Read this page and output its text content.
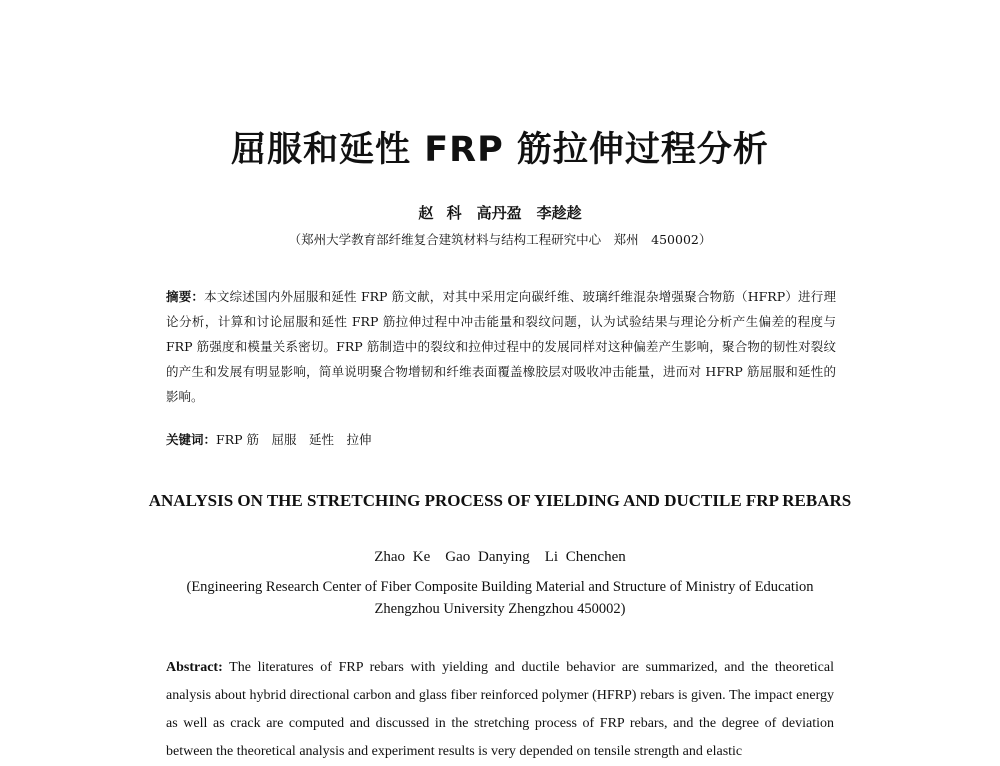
屈服和延性 FRP 筋拉伸过程分析
赵 科　高丹盈　李趁趁
（郑州大学教育部纤维复合建筑材料与结构工程研究中心　郑州　450002）
摘要：本文综述国内外屈服和延性 FRP 筋文献，对其中采用定向碳纤维、玻璃纤维混杂增强聚合物筋（HFRP）进行理论分析，计算和讨论屈服和延性 FRP 筋拉伸过程中冲击能量和裂纹问题，认为试验结果与理论分析产生偏差的程度与 FRP 筋强度和模量关系密切。FRP 筋制造中的裂纹和拉伸过程中的发展同样对这种偏差产生影响，聚合物的韧性对裂纹的产生和发展有明显影响，简单说明聚合物增韧和纤维表面覆盖橡胶层对吸收冲击能量，进而对 HFRP 筋屈服和延性的影响。
关键词：FRP 筋　屈服　延性　拉伸
ANALYSIS ON THE STRETCHING PROCESS OF YIELDING AND DUCTILE FRP REBARS
Zhao Ke　Gao Danying　Li Chenchen
(Engineering Research Center of Fiber Composite Building Material and Structure of Ministry of Education
Zhengzhou University Zhengzhou 450002)
Abstract: The literatures of FRP rebars with yielding and ductile behavior are summarized, and the theoretical analysis about hybrid directional carbon and glass fiber reinforced polymer (HFRP) rebars is given. The impact energy as well as crack are computed and discussed in the stretching process of FRP rebars, and the degree of deviation between the theoretical analysis and experiment results is very depended on tensile strength and elastic
